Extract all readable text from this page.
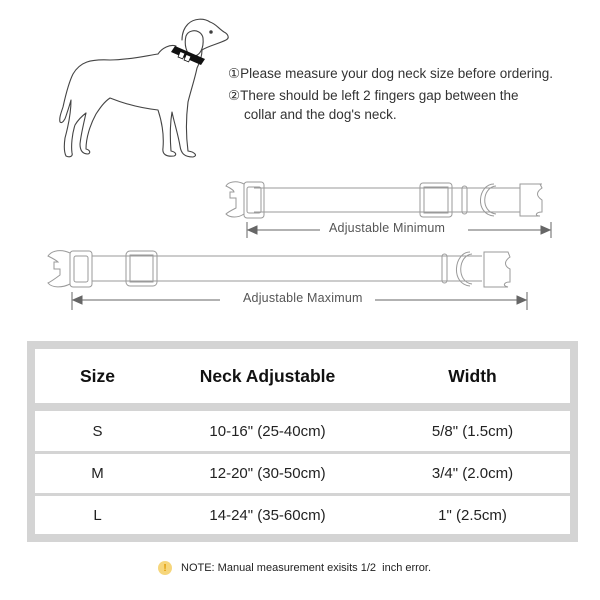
①Please measure your dog neck size before ordering.
②There should be left 2 fingers gap between the
collar and the dog's neck.
Adjustable Minimum
Adjustable Maximum
Size	Neck Adjustable	Width
S	10-16" (25-40cm)	5/8" (1.5cm)
M	12-20" (30-50cm)	3/4" (2.0cm)
L	14-24" (35-60cm)	1" (2.5cm)
!	NOTE: Manual measurement exisits 1/2  inch error.
